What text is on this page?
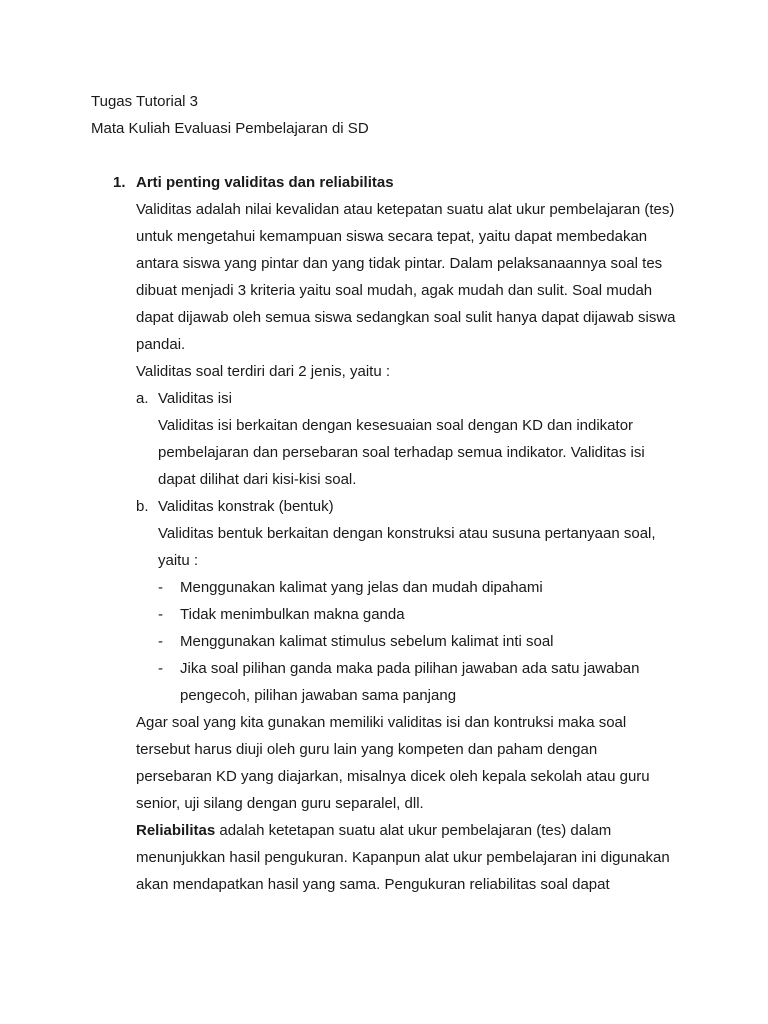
Tugas Tutorial 3
Mata Kuliah Evaluasi Pembelajaran di SD
1. Arti penting validitas dan reliabilitas
Validitas adalah nilai kevalidan atau ketepatan suatu alat ukur pembelajaran (tes)
untuk mengetahui kemampuan siswa secara tepat, yaitu dapat membedakan
antara siswa yang pintar dan yang tidak pintar. Dalam pelaksanaannya soal tes
dibuat menjadi 3 kriteria yaitu soal mudah, agak mudah dan sulit. Soal mudah
dapat dijawab oleh semua siswa sedangkan soal sulit hanya dapat dijawab siswa
pandai.
Validitas soal terdiri dari 2 jenis, yaitu :
a. Validitas isi
Validitas isi berkaitan dengan kesesuaian soal dengan KD dan indikator
pembelajaran dan persebaran soal terhadap semua indikator. Validitas isi
dapat dilihat dari kisi-kisi soal.
b. Validitas konstrak (bentuk)
Validitas bentuk berkaitan dengan konstruksi atau susuna pertanyaan soal,
yaitu :
- Menggunakan kalimat yang jelas dan mudah dipahami
- Tidak menimbulkan makna ganda
- Menggunakan kalimat stimulus sebelum kalimat inti soal
- Jika soal pilihan ganda maka pada pilihan jawaban ada satu jawaban
pengecoh, pilihan jawaban sama panjang
Agar soal yang kita gunakan memiliki validitas isi dan kontruksi maka soal
tersebut harus diuji oleh guru lain yang kompeten dan paham dengan
persebaran KD yang diajarkan, misalnya dicek oleh kepala sekolah atau guru
senior, uji silang dengan guru separalel, dll.
Reliabilitas adalah ketetapan suatu alat ukur pembelajaran (tes) dalam
menunjukkan hasil pengukuran. Kapanpun alat ukur pembelajaran ini digunakan
akan mendapatkan hasil yang sama. Pengukuran reliabilitas soal dapat
